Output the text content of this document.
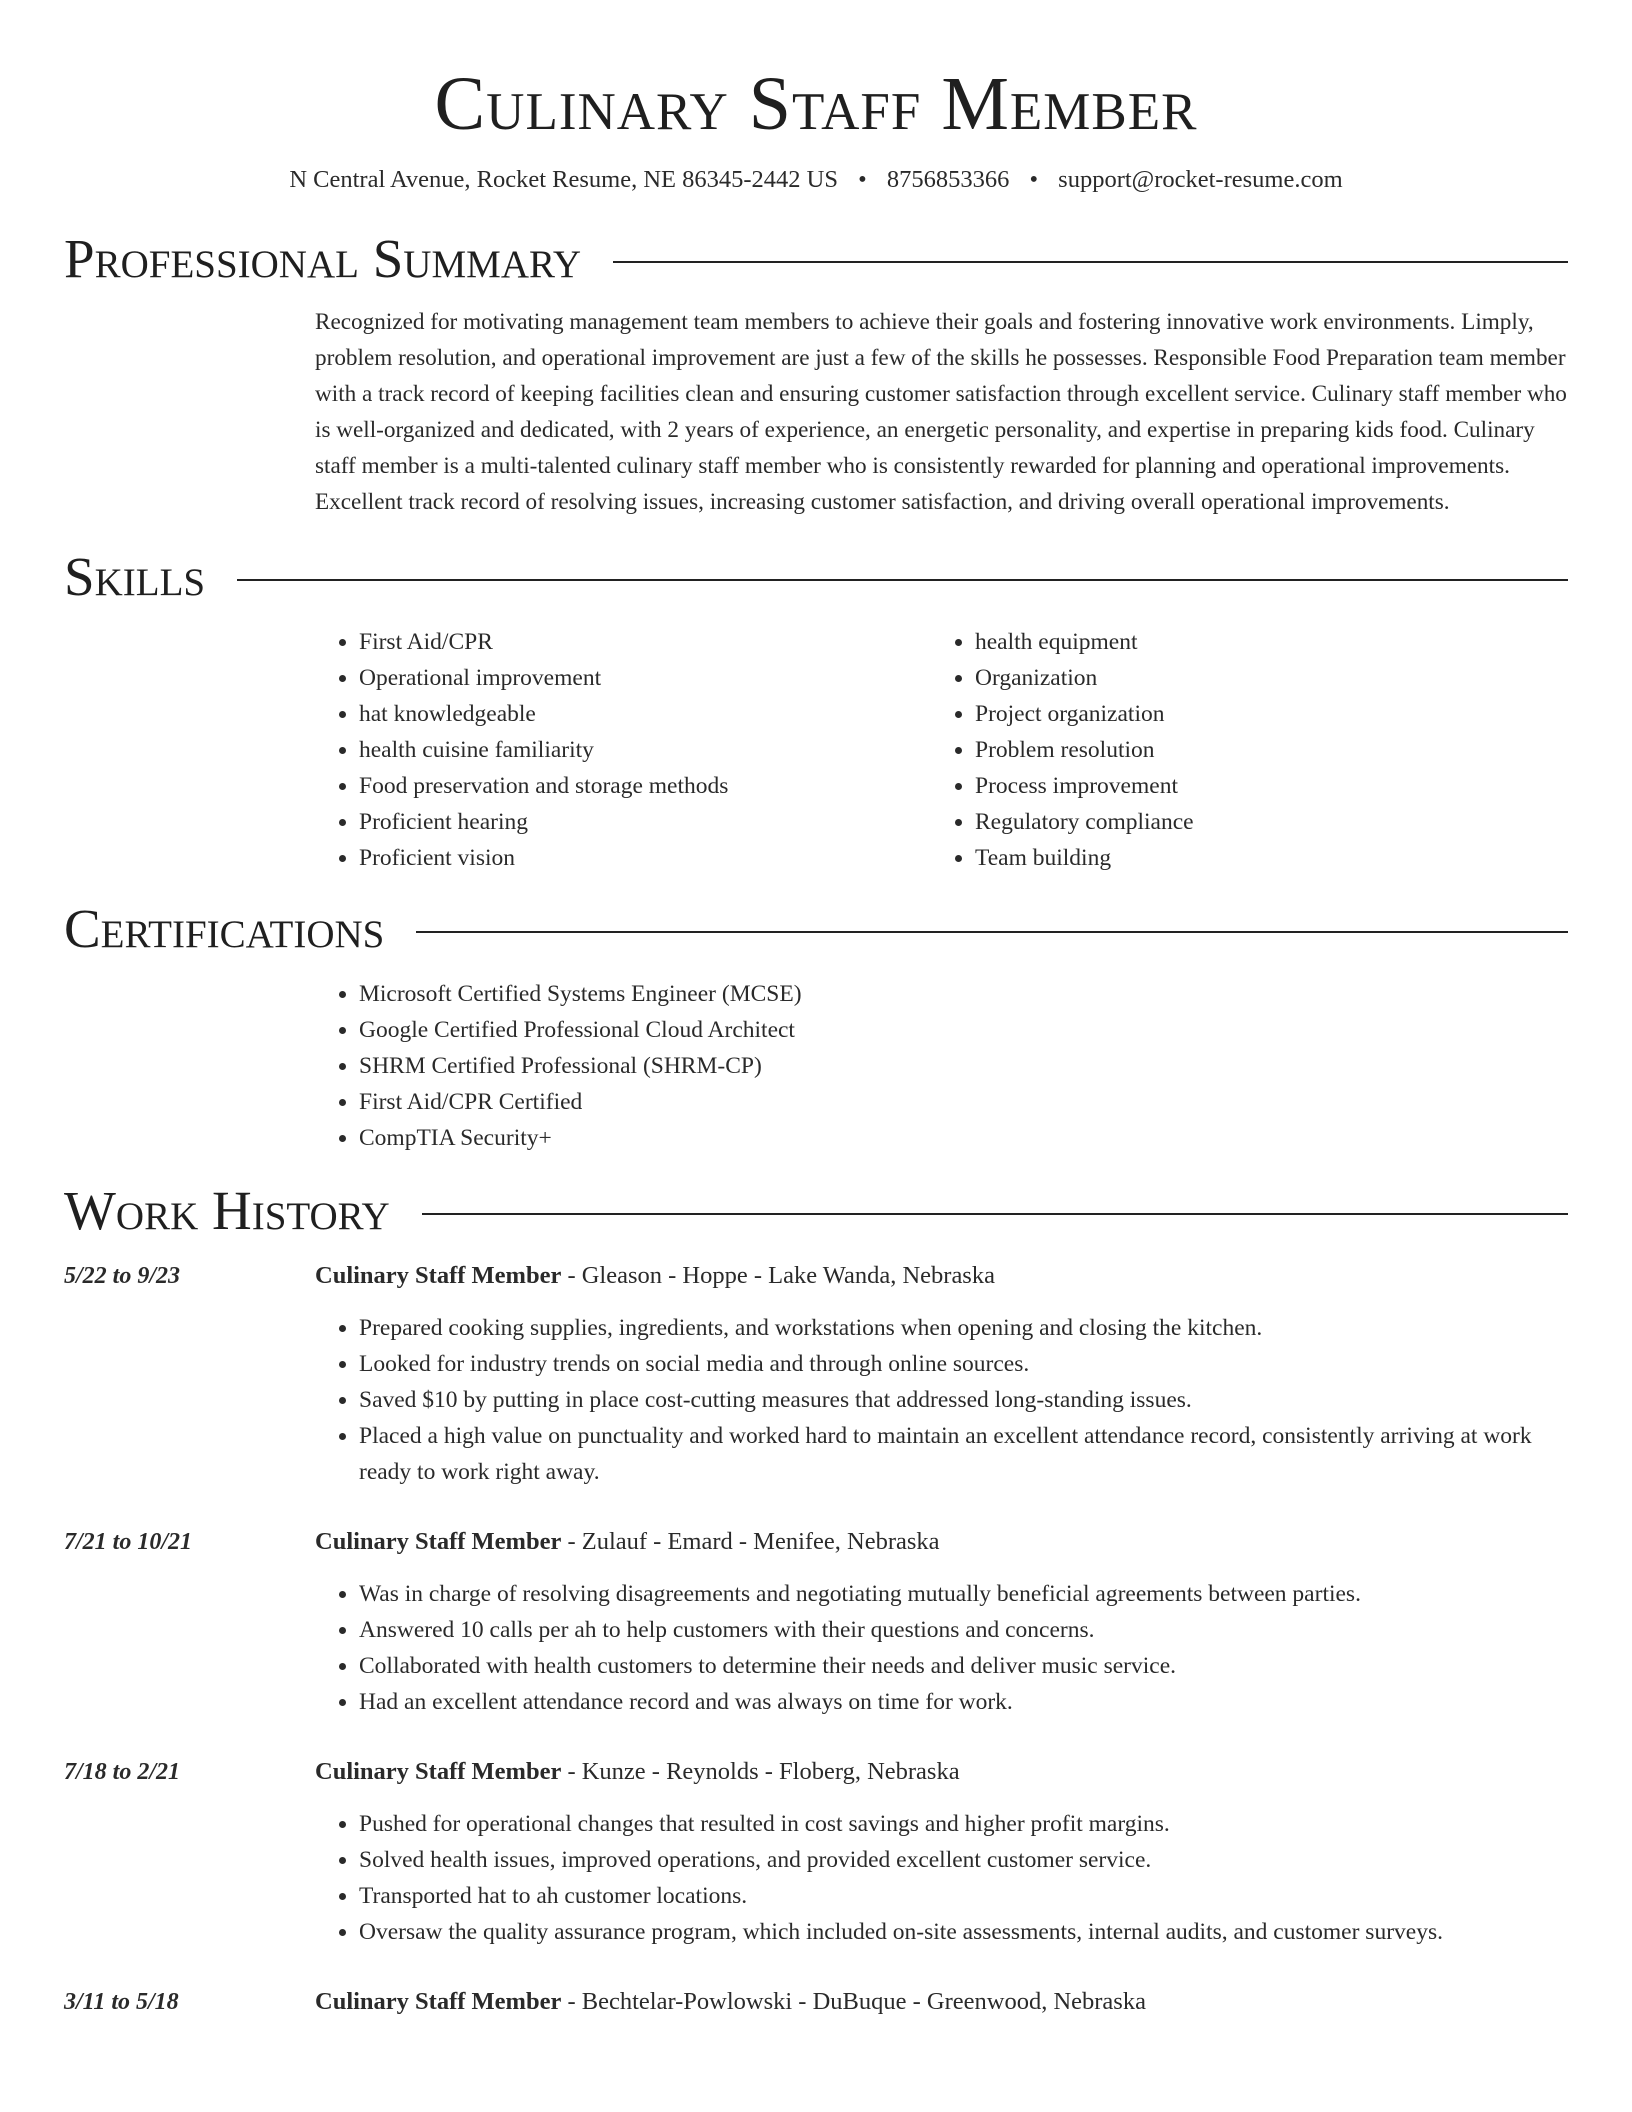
Culinary Staff Member
N Central Avenue, Rocket Resume, NE 86345-2442 US • 8756853366 • support@rocket-resume.com
Professional Summary
Recognized for motivating management team members to achieve their goals and fostering innovative work environments. Limply, problem resolution, and operational improvement are just a few of the skills he possesses. Responsible Food Preparation team member with a track record of keeping facilities clean and ensuring customer satisfaction through excellent service. Culinary staff member who is well-organized and dedicated, with 2 years of experience, an energetic personality, and expertise in preparing kids food. Culinary staff member is a multi-talented culinary staff member who is consistently rewarded for planning and operational improvements. Excellent track record of resolving issues, increasing customer satisfaction, and driving overall operational improvements.
Skills
• First Aid/CPR
• Operational improvement
• hat knowledgeable
• health cuisine familiarity
• Food preservation and storage methods
• Proficient hearing
• Proficient vision
• health equipment
• Organization
• Project organization
• Problem resolution
• Process improvement
• Regulatory compliance
• Team building
Certifications
• Microsoft Certified Systems Engineer (MCSE)
• Google Certified Professional Cloud Architect
• SHRM Certified Professional (SHRM-CP)
• First Aid/CPR Certified
• CompTIA Security+
Work History
5/22 to 9/23	Culinary Staff Member - Gleason - Hoppe - Lake Wanda, Nebraska
• Prepared cooking supplies, ingredients, and workstations when opening and closing the kitchen.
• Looked for industry trends on social media and through online sources.
• Saved $10 by putting in place cost-cutting measures that addressed long-standing issues.
• Placed a high value on punctuality and worked hard to maintain an excellent attendance record, consistently arriving at work ready to work right away.
7/21 to 10/21	Culinary Staff Member - Zulauf - Emard - Menifee, Nebraska
• Was in charge of resolving disagreements and negotiating mutually beneficial agreements between parties.
• Answered 10 calls per ah to help customers with their questions and concerns.
• Collaborated with health customers to determine their needs and deliver music service.
• Had an excellent attendance record and was always on time for work.
7/18 to 2/21	Culinary Staff Member - Kunze - Reynolds - Floberg, Nebraska
• Pushed for operational changes that resulted in cost savings and higher profit margins.
• Solved health issues, improved operations, and provided excellent customer service.
• Transported hat to ah customer locations.
• Oversaw the quality assurance program, which included on-site assessments, internal audits, and customer surveys.
3/11 to 5/18	Culinary Staff Member - Bechtelar-Powlowski - DuBuque - Greenwood, Nebraska
